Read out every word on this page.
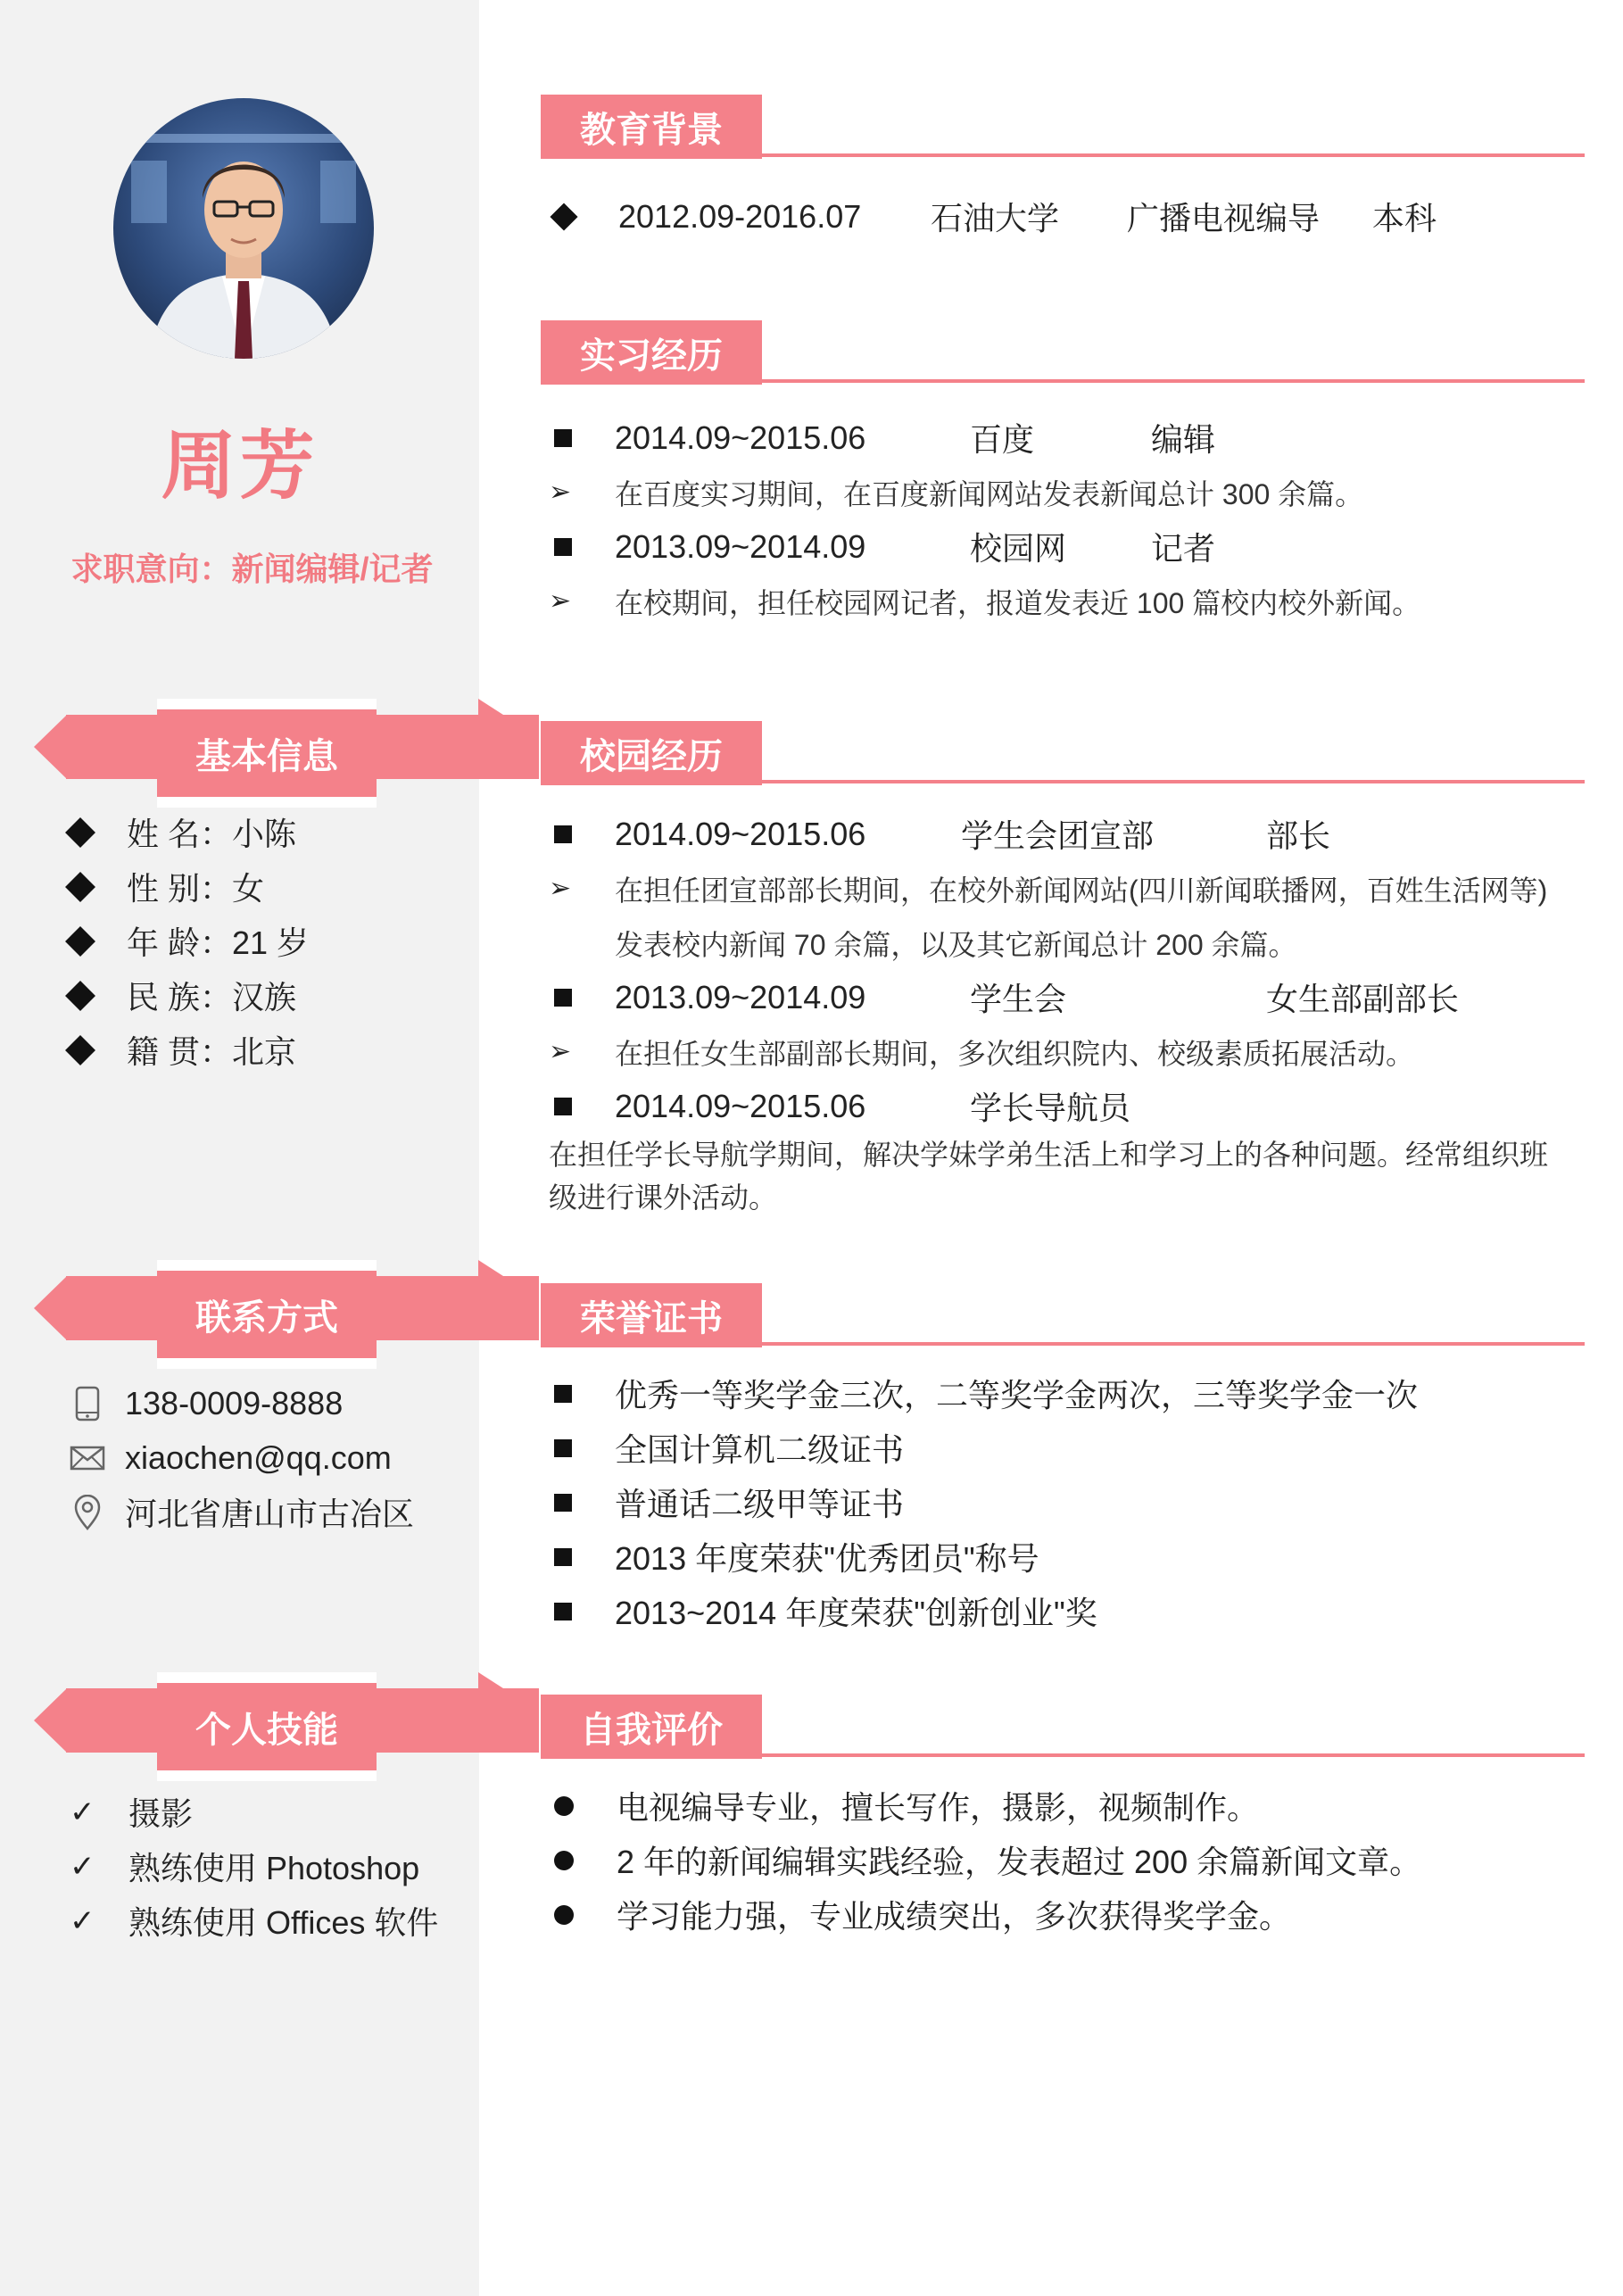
周芳
求职意向：新闻编辑/记者
基本信息
姓 名： 小陈
性 别： 女
年 龄： 21 岁
民 族： 汉族
籍 贯： 北京
联系方式
138-0009-8888
xiaochen@qq.com
河北省唐山市古冶区
个人技能
✓	摄影
✓	熟练使用 Photoshop
✓	熟练使用 Offices 软件
教育背景
2012.09-2016.07	石油大学	广播电视编导	本科
实习经历
2014.09~2015.06	百度	编辑
➢ 在百度实习期间，在百度新闻网站发表新闻总计 300 余篇。
2013.09~2014.09	校园网	记者
➢ 在校期间，担任校园网记者，报道发表近 100 篇校内校外新闻。
校园经历
2014.09~2015.06	学生会团宣部	部长
➢ 在担任团宣部部长期间，在校外新闻网站(四川新闻联播网，百姓生活网等)
发表校内新闻 70 余篇，以及其它新闻总计 200 余篇。
2013.09~2014.09	学生会	女生部副部长
➢ 在担任女生部副部长期间，多次组织院内、校级素质拓展活动。
2014.09~2015.06	学长导航员
在担任学长导航学期间，解决学妹学弟生活上和学习上的各种问题。经常组织班级进行课外活动。
荣誉证书
优秀一等奖学金三次，二等奖学金两次，三等奖学金一次
全国计算机二级证书
普通话二级甲等证书
2013 年度荣获"优秀团员"称号
2013~2014 年度荣获"创新创业"奖
自我评价
电视编导专业，擅长写作，摄影，视频制作。
2 年的新闻编辑实践经验，发表超过 200 余篇新闻文章。
学习能力强，专业成绩突出，多次获得奖学金。
